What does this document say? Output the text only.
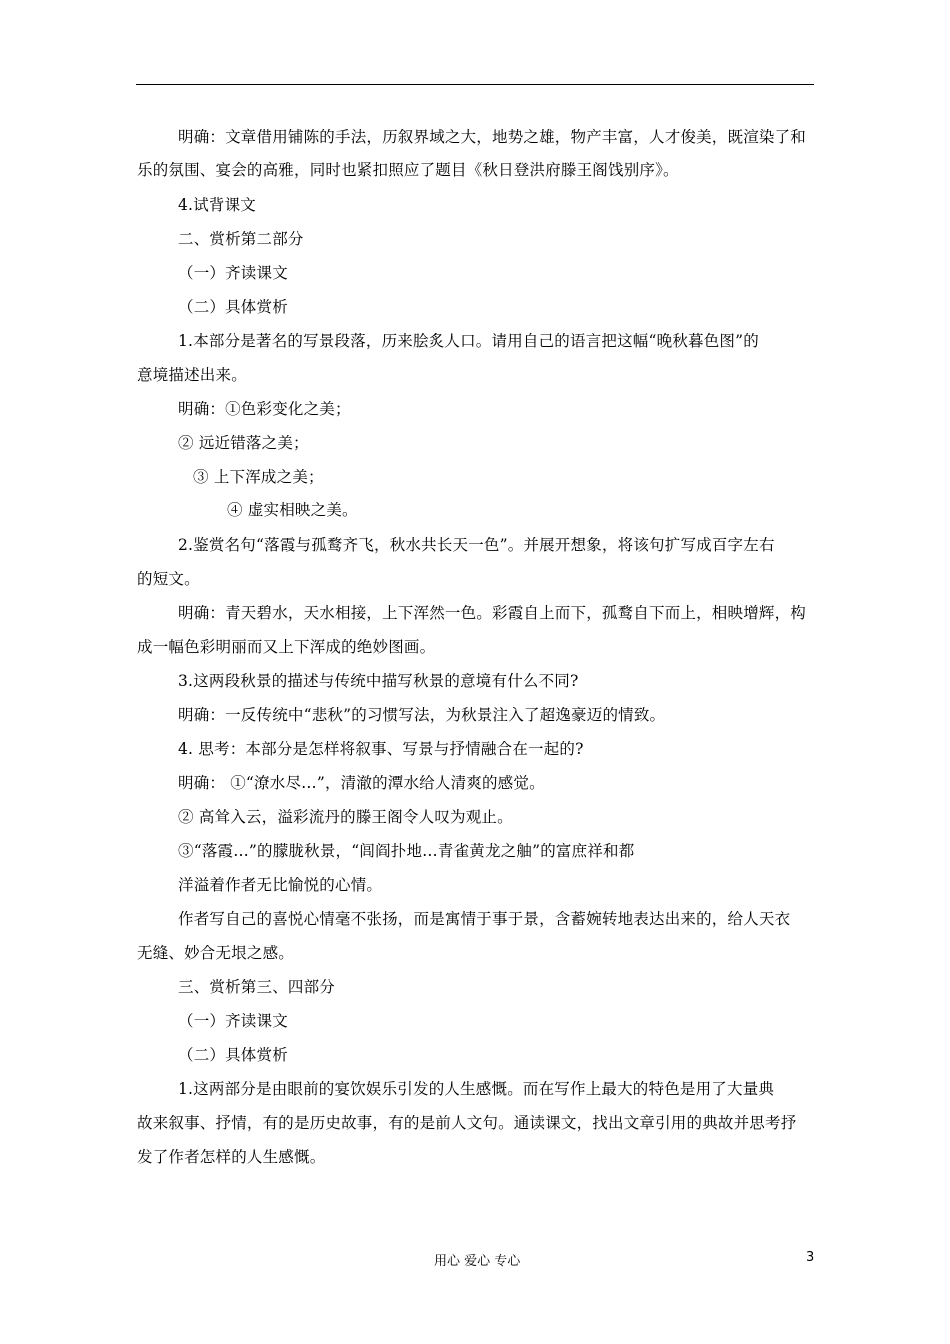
明确：文章借用铺陈的手法，历叙界域之大，地势之雄，物产丰富，人才俊美，既渲染了和
乐的氛围、宴会的高雅，同时也紧扣照应了题目《秋日登洪府滕王阁饯别序》。
4.试背课文
二、赏析第二部分
（一）齐读课文
（二）具体赏析
1.本部分是著名的写景段落，历来脍炙人口。请用自己的语言把这幅“晚秋暮色图”的
意境描述出来。
明确：①色彩变化之美；
② 远近错落之美；
③ 上下浑成之美；
④ 虚实相映之美。
2.鉴赏名句“落霞与孤鹜齐飞，秋水共长天一色”。并展开想象，将该句扩写成百字左右
的短文。
明确：青天碧水，天水相接，上下浑然一色。彩霞自上而下，孤鹜自下而上，相映增辉，构
成一幅色彩明丽而又上下浑成的绝妙图画。
3.这两段秋景的描述与传统中描写秋景的意境有什么不同?
明确：一反传统中“悲秋”的习惯写法，为秋景注入了超逸豪迈的情致。
4. 思考：本部分是怎样将叙事、写景与抒情融合在一起的?
明确： ①“潦水尽…”，清澈的潭水给人清爽的感觉。
② 高耸入云，溢彩流丹的滕王阁令人叹为观止。
③“落霞…”的朦胧秋景，“闾阎扑地…青雀黄龙之舳”的富庶祥和都
洋溢着作者无比愉悦的心情。
作者写自己的喜悦心情毫不张扬，而是寓情于事于景，含蓄婉转地表达出来的，给人天衣
无缝、妙合无垠之感。
三、赏析第三、四部分
（一）齐读课文
（二）具体赏析
1.这两部分是由眼前的宴饮娱乐引发的人生感慨。而在写作上最大的特色是用了大量典
故来叙事、抒情，有的是历史故事，有的是前人文句。通读课文，找出文章引用的典故并思考抒
发了作者怎样的人生感慨。
用心 爱心 专心	3
